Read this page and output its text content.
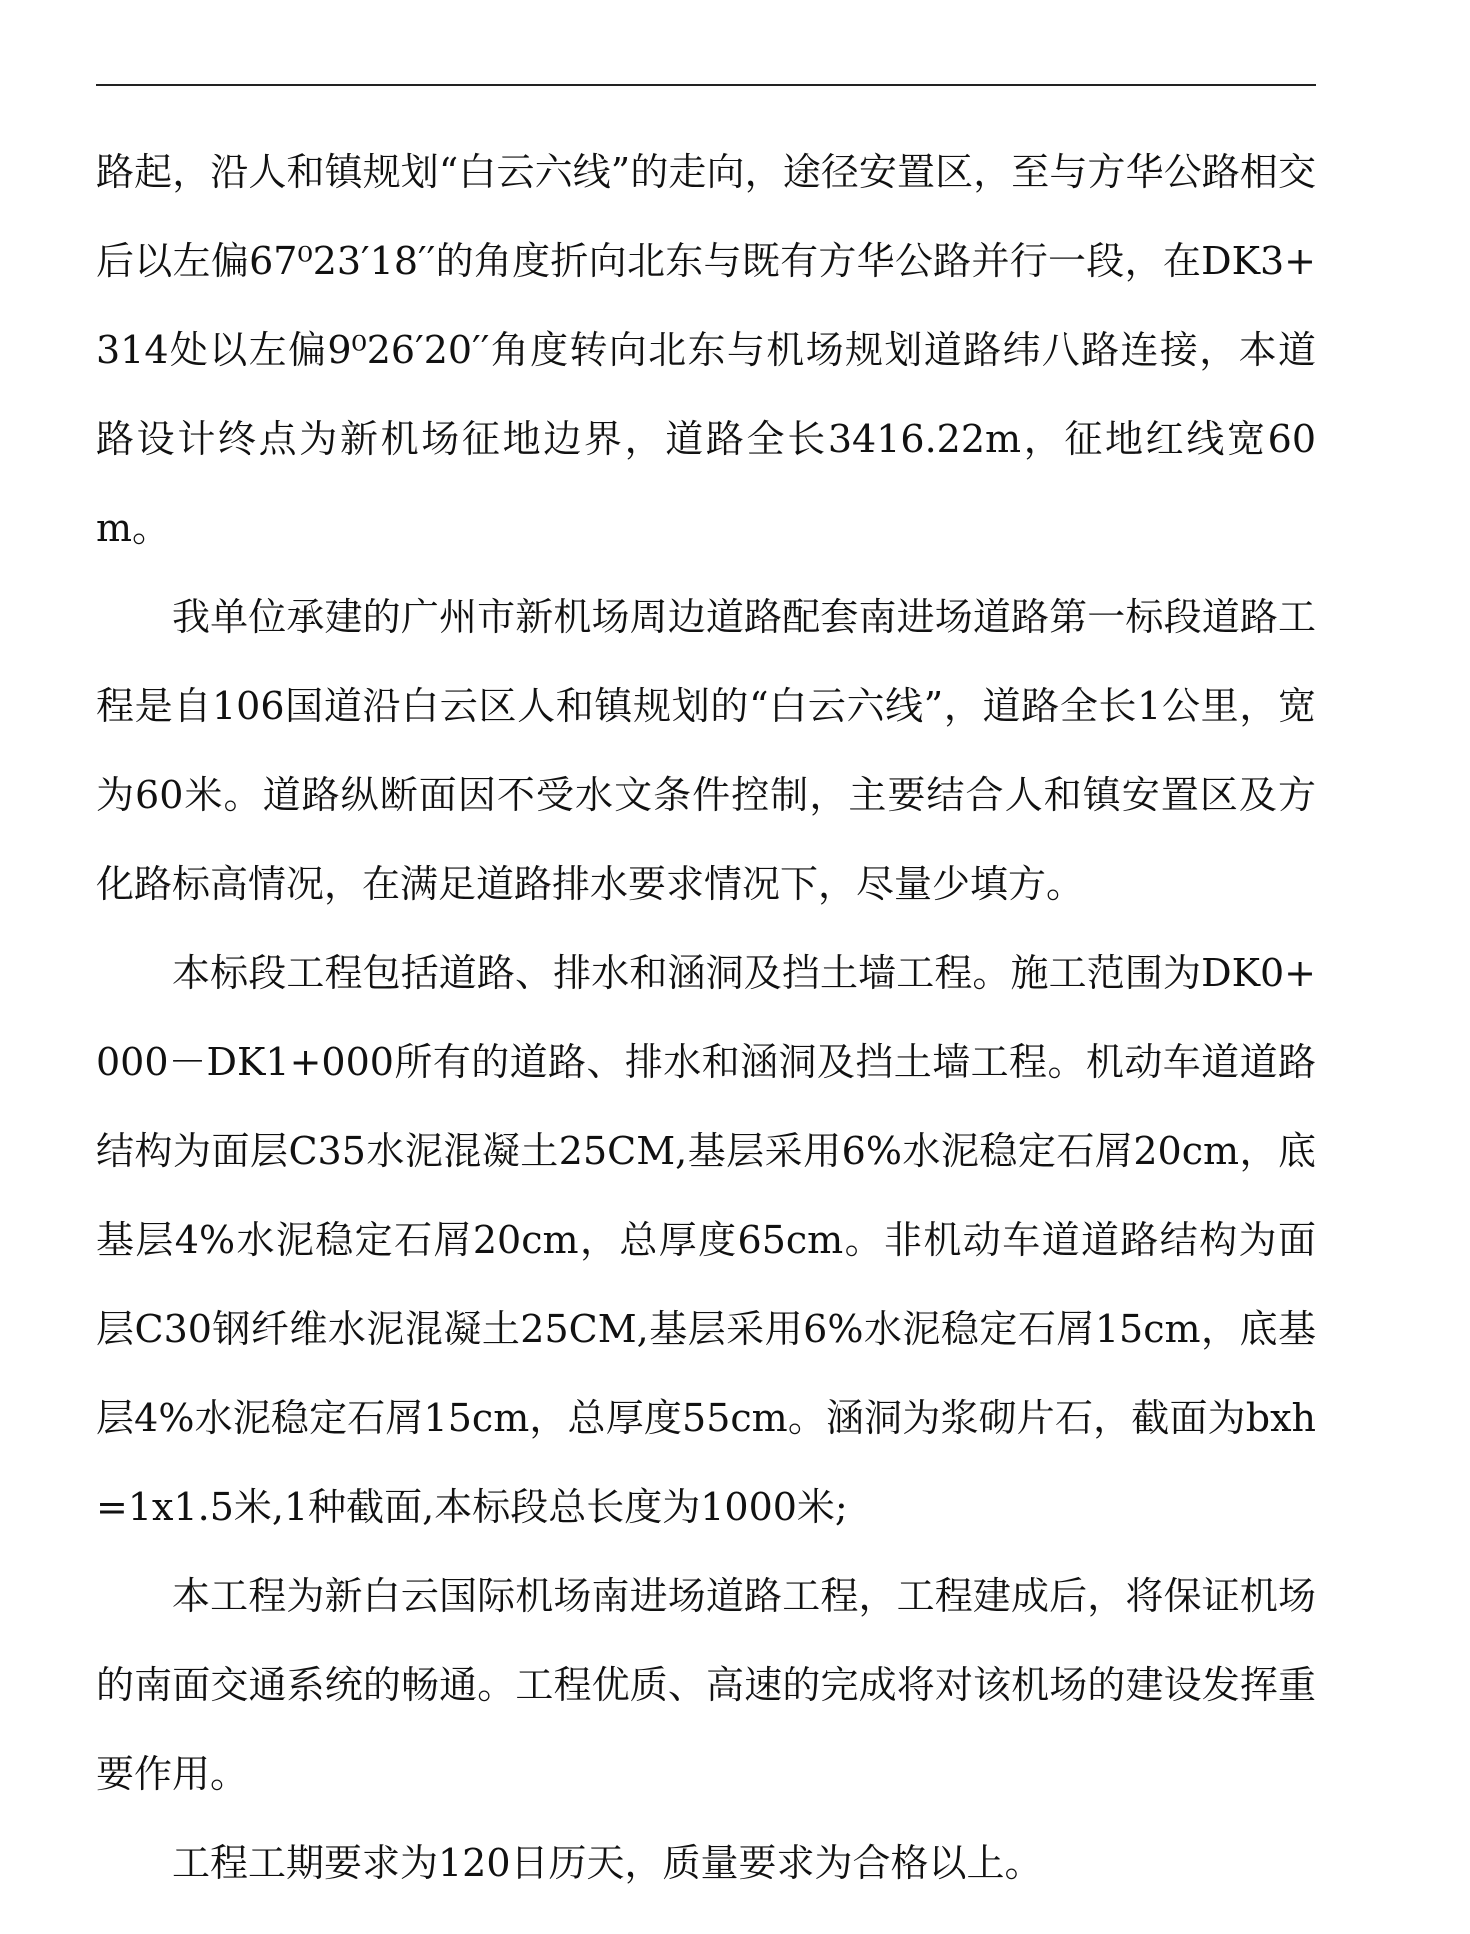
路起，沿人和镇规划“白云六线”的走向，途径安置区，至与方华公路相交后以左偏67⁰23′18′′的角度折向北东与既有方华公路并行一段，在DK3+314处以左偏9⁰26′20′′角度转向北东与机场规划道路纬八路连接，本道路设计终点为新机场征地边界，道路全长3416.22m，征地红线宽60m。

我单位承建的广州市新机场周边道路配套南进场道路第一标段道路工程是自106国道沿白云区人和镇规划的“白云六线”，道路全长1公里，宽为60米。道路纵断面因不受水文条件控制，主要结合人和镇安置区及方化路标高情况，在满足道路排水要求情况下，尽量少填方。

本标段工程包括道路、排水和涵洞及挡土墙工程。施工范围为DK0+000－DK1+000所有的道路、排水和涵洞及挡土墙工程。机动车道道路结构为面层C35水泥混凝土25CM,基层采用6%水泥稳定石屑20cm，底基层4%水泥稳定石屑20cm，总厚度65cm。非机动车道道路结构为面层C30钢纤维水泥混凝土25CM,基层采用6%水泥稳定石屑15cm，底基层4%水泥稳定石屑15cm，总厚度55cm。涵洞为浆砌片石，截面为bxh=1x1.5米,1种截面,本标段总长度为1000米;

本工程为新白云国际机场南进场道路工程，工程建成后，将保证机场的南面交通系统的畅通。工程优质、高速的完成将对该机场的建设发挥重要作用。

工程工期要求为120日历天，质量要求为合格以上。
